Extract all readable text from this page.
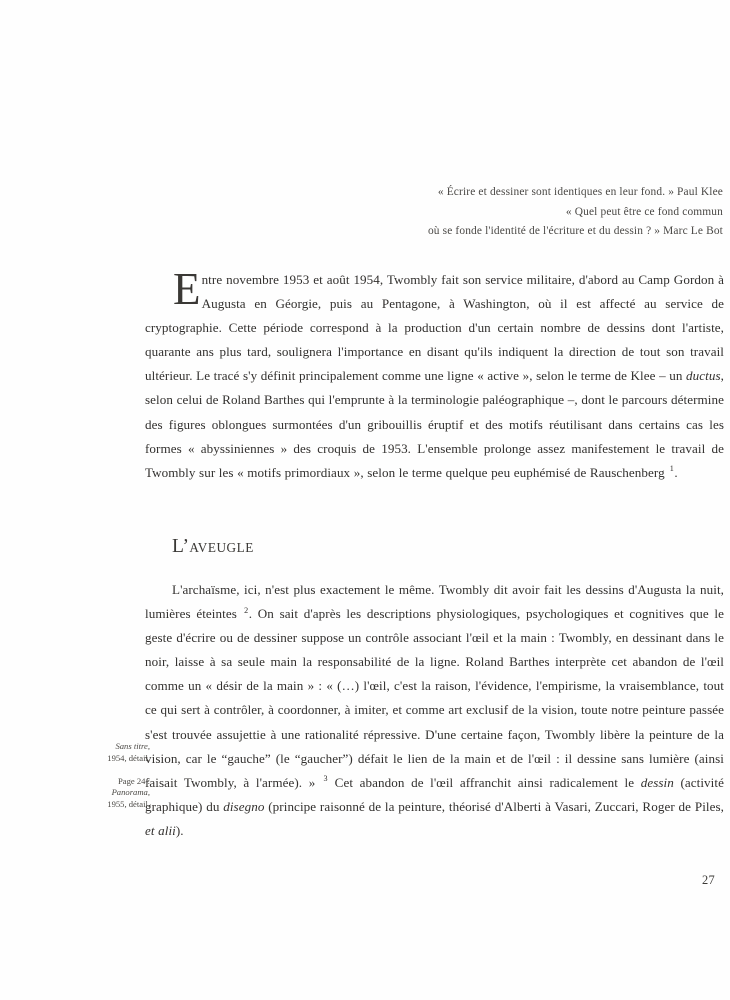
« Écrire et dessiner sont identiques en leur fond. » Paul Klee
« Quel peut être ce fond commun
où se fonde l'identité de l'écriture et du dessin ? » Marc Le Bot

Entre novembre 1953 et août 1954, Twombly fait son service militaire, d'abord au Camp Gordon à Augusta en Géorgie, puis au Pentagone, à Washington, où il est affecté au service de cryptographie. Cette période correspond à la production d'un certain nombre de dessins dont l'artiste, quarante ans plus tard, soulignera l'importance en disant qu'ils indiquent la direction de tout son travail ultérieur. Le tracé s'y définit principalement comme une ligne « active », selon le terme de Klee – un ductus, selon celui de Roland Barthes qui l'emprunte à la terminologie paléographique –, dont le parcours détermine des figures oblongues surmontées d'un gribouillis éruptif et des motifs réutilisant dans certains cas les formes « abyssiniennes » des croquis de 1953. L'ensemble prolonge assez manifestement le travail de Twombly sur les « motifs primordiaux », selon le terme quelque peu euphémisé de Rauschenberg $^1$.

L’AVEUGLE

L'archaïsme, ici, n'est plus exactement le même. Twombly dit avoir fait les dessins d'Augusta la nuit, lumières éteintes $^2$. On sait d'après les descriptions physiologiques, psychologiques et cognitives que le geste d'écrire ou de dessiner suppose un contrôle associant l'œil et la main : Twombly, en dessinant dans le noir, laisse à sa seule main la responsabilité de la ligne. Roland Barthes interprète cet abandon de l'œil comme un « désir de la main » : « (…) l'œil, c'est la raison, l'évidence, l'empirisme, la vraisemblance, tout ce qui sert à contrôler, à coordonner, à imiter, et comme art exclusif de la vision, toute notre peinture passée s'est trouvée assujettie à une rationalité répressive. D'une certaine façon, Twombly libère la peinture de la vision, car le “gauche” (le “gaucher”) défait le lien de la main et de l'œil : il dessine sans lumière (ainsi faisait Twombly, à l'armée). » $^3$ Cet abandon de l'œil affranchit ainsi radicalement le dessin (activité graphique) du disegno (principe raisonné de la peinture, théorisé d'Alberti à Vasari, Zuccari, Roger de Piles, et alii).

Sans titre,
1954, détail.
Page 24 :
Panorama,
1955, détail.
27
